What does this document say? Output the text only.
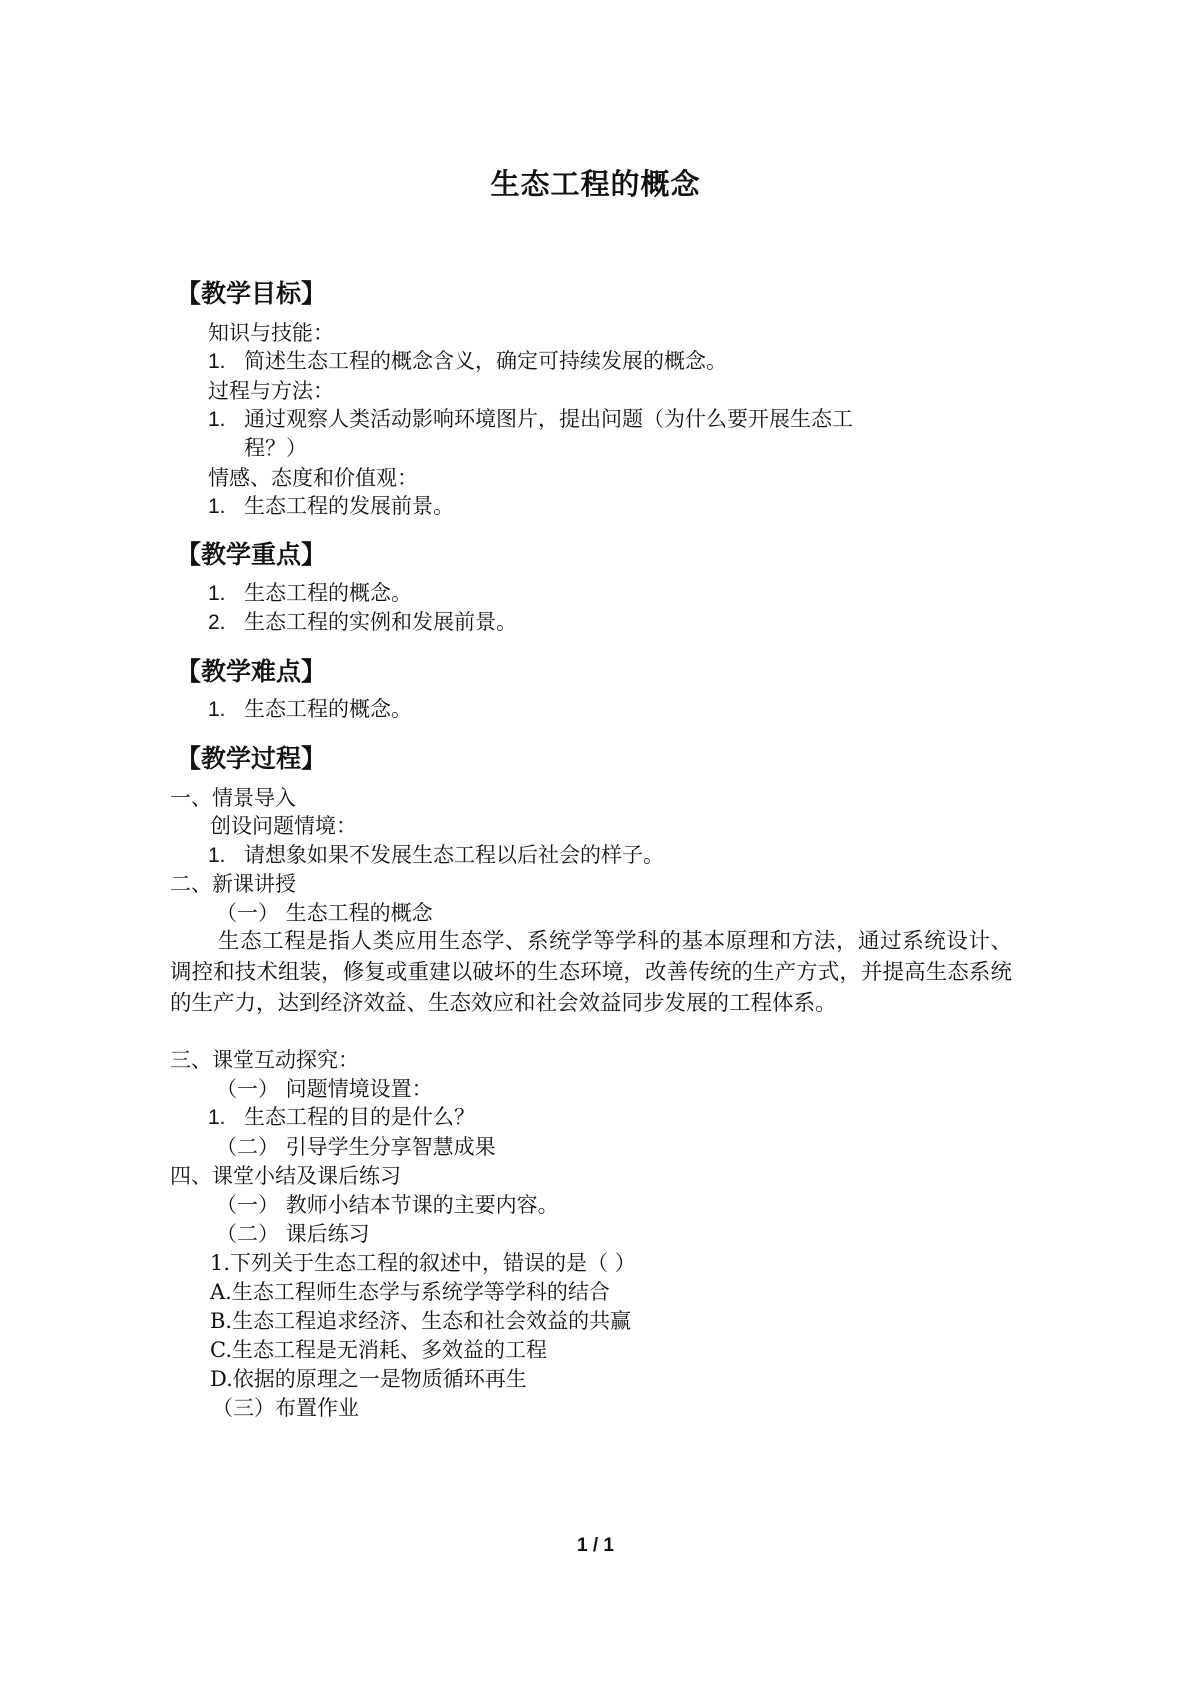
生态工程的概念
【教学目标】
知识与技能：
1. 简述生态工程的概念含义，确定可持续发展的概念。
过程与方法：
1. 通过观察人类活动影响环境图片，提出问题（为什么要开展生态工
程？）
情感、态度和价值观：
1. 生态工程的发展前景。
【教学重点】
1. 生态工程的概念。
2. 生态工程的实例和发展前景。
【教学难点】
1. 生态工程的概念。
【教学过程】
一、情景导入
创设问题情境：
1. 请想象如果不发展生态工程以后社会的样子。
二、新课讲授
（一） 生态工程的概念
生态工程是指人类应用生态学、系统学等学科的基本原理和方法，通过系统设计、调控和技术组装，修复或重建以破坏的生态环境，改善传统的生产方式，并提高生态系统的生产力，达到经济效益、生态效应和社会效益同步发展的工程体系。
三、课堂互动探究：
（一） 问题情境设置：
1. 生态工程的目的是什么？
（二） 引导学生分享智慧成果
四、课堂小结及课后练习
（一） 教师小结本节课的主要内容。
（二） 课后练习
1.下列关于生态工程的叙述中，错误的是（ ）
A.生态工程师生态学与系统学等学科的结合
B.生态工程追求经济、生态和社会效益的共赢
C.生态工程是无消耗、多效益的工程
D.依据的原理之一是物质循环再生
（三）布置作业
1 / 1
